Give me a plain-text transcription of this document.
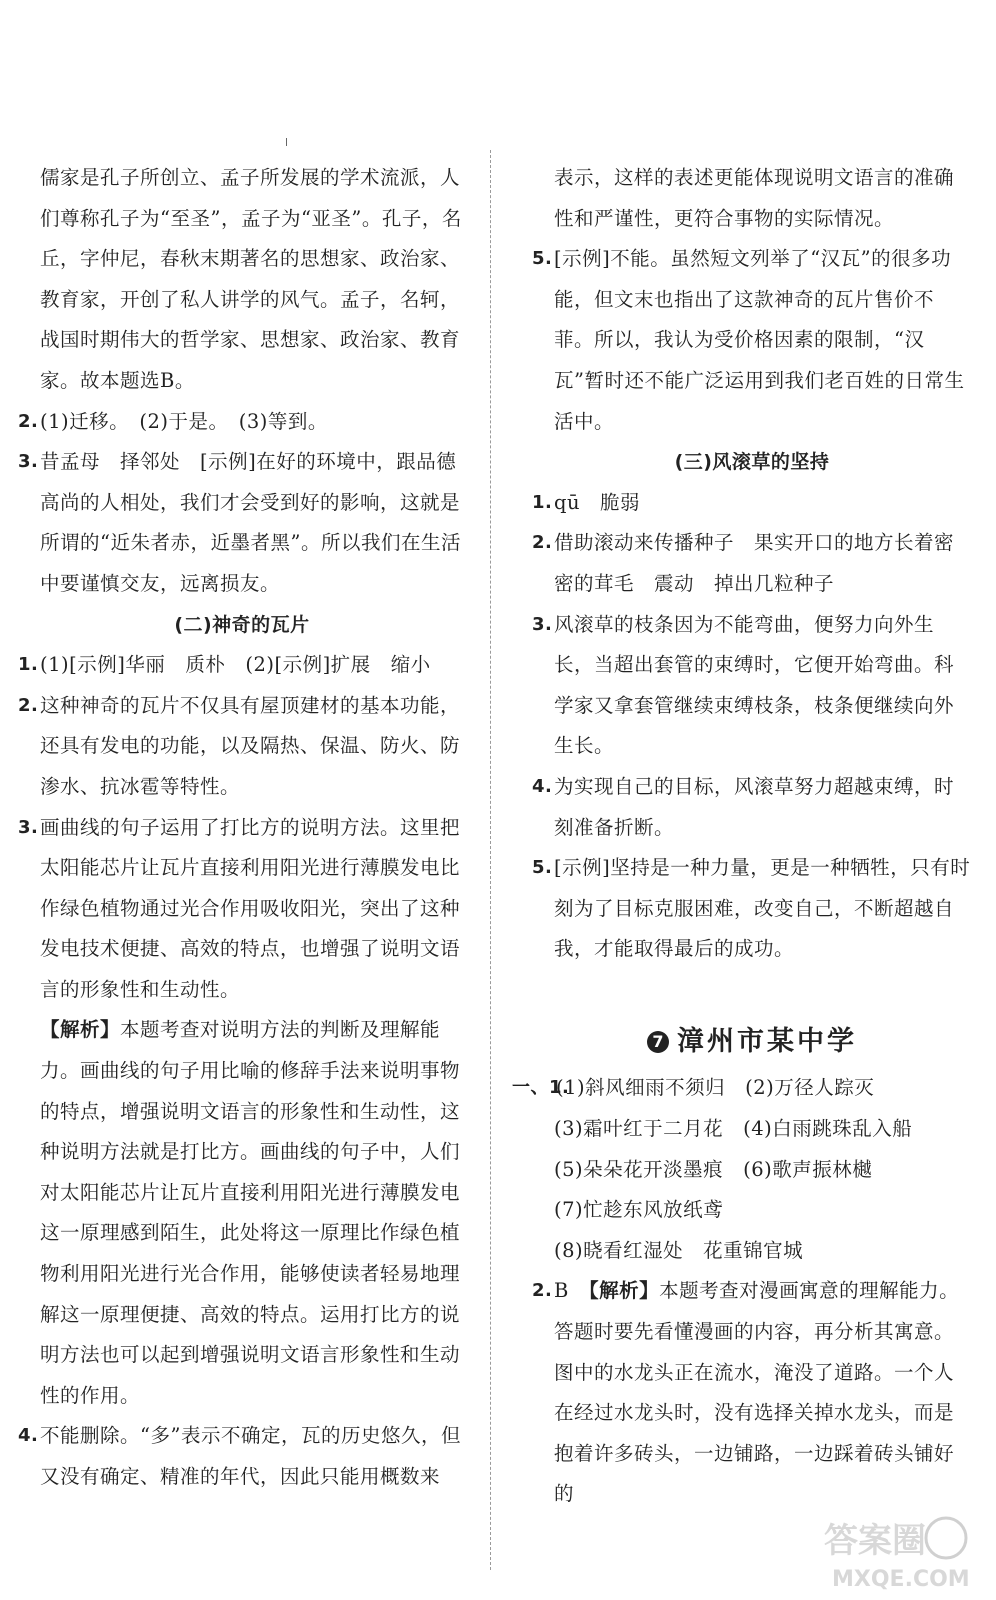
儒家是孔子所创立、孟子所发展的学术流派，人们尊称孔子为“至圣”，孟子为“亚圣”。孔子，名丘，字仲尼，春秋末期著名的思想家、政治家、教育家，开创了私人讲学的风气。孟子，名轲，战国时期伟大的哲学家、思想家、政治家、教育家。故本题选B。
2. (1)迁移。　(2)于是。　(3)等到。
3. 昔孟母　择邻处　[示例]在好的环境中，跟品德高尚的人相处，我们才会受到好的影响，这就是所谓的“近朱者赤，近墨者黑”。所以我们在生活中要谨慎交友，远离损友。
(二)神奇的瓦片
1. (1)[示例]华丽　质朴　(2)[示例]扩展　缩小
2. 这种神奇的瓦片不仅具有屋顶建材的基本功能，还具有发电的功能，以及隔热、保温、防火、防渗水、抗冰雹等特性。
3. 画曲线的句子运用了打比方的说明方法。这里把太阳能芯片让瓦片直接利用阳光进行薄膜发电比作绿色植物通过光合作用吸收阳光，突出了这种发电技术便捷、高效的特点，也增强了说明文语言的形象性和生动性。
【解析】本题考查对说明方法的判断及理解能力。画曲线的句子用比喻的修辞手法来说明事物的特点，增强说明文语言的形象性和生动性，这种说明方法就是打比方。画曲线的句子中，人们对太阳能芯片让瓦片直接利用阳光进行薄膜发电这一原理感到陌生，此处将这一原理比作绿色植物利用阳光进行光合作用，能够使读者轻易地理解这一原理便捷、高效的特点。运用打比方的说明方法也可以起到增强说明文语言形象性和生动性的作用。
4. 不能删除。“多”表示不确定，瓦的历史悠久，但又没有确定、精准的年代，因此只能用概数来
表示，这样的表述更能体现说明文语言的准确性和严谨性，更符合事物的实际情况。
5. [示例]不能。虽然短文列举了“汉瓦”的很多功能，但文末也指出了这款神奇的瓦片售价不菲。所以，我认为受价格因素的限制，“汉瓦”暂时还不能广泛运用到我们老百姓的日常生活中。
(三)风滚草的坚持
1. qū　脆弱
2. 借助滚动来传播种子　果实开口的地方长着密密的茸毛　震动　掉出几粒种子
3. 风滚草的枝条因为不能弯曲，便努力向外生长，当超出套管的束缚时，它便开始弯曲。科学家又拿套管继续束缚枝条，枝条便继续向外生长。
4. 为实现自己的目标，风滚草努力超越束缚，时刻准备折断。
5. [示例]坚持是一种力量，更是一种牺牲，只有时刻为了目标克服困难，改变自己，不断超越自我，才能取得最后的成功。
7 漳州市某中学
一、1.
(1)斜风细雨不须归　(2)万径人踪灭
(3)霜叶红于二月花　(4)白雨跳珠乱入船
(5)朵朵花开淡墨痕　(6)歌声振林樾
(7)忙趁东风放纸鸢
(8)晓看红湿处　花重锦官城
2. B　 【解析】本题考查对漫画寓意的理解能力。答题时要先看懂漫画的内容，再分析其寓意。图中的水龙头正在流水，淹没了道路。一个人在经过水龙头时，没有选择关掉水龙头，而是抱着许多砖头，一边铺路，一边踩着砖头铺好的
答案圈
MXQE.COM
